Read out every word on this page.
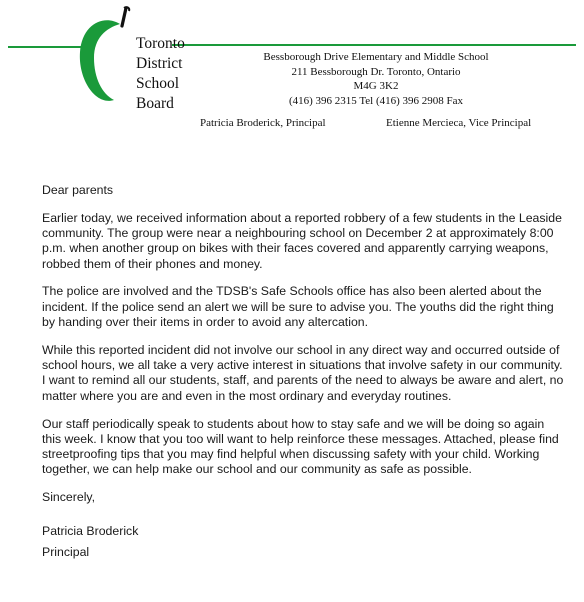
Toronto
District
School
Board
Bessborough Drive Elementary and Middle School
211 Bessborough Dr. Toronto, Ontario
M4G 3K2
(416) 396 2315 Tel (416) 396 2908 Fax
Patricia Broderick, Principal	Etienne Mercieca, Vice Principal

Dear parents

Earlier today, we received information about a reported robbery of a few students in the Leaside community. The group were near a neighbouring school on December 2 at approximately 8:00 p.m. when another group on bikes with their faces covered and apparently carrying weapons, robbed them of their phones and money.

The police are involved and the TDSB's Safe Schools office has also been alerted about the incident. If the police send an alert we will be sure to advise you. The youths did the right thing by handing over their items in order to avoid any altercation.

While this reported incident did not involve our school in any direct way and occurred outside of school hours, we all take a very active interest in situations that involve safety in our community. I want to remind all our students, staff, and parents of the need to always be aware and alert, no matter where you are and even in the most ordinary and everyday routines.

Our staff periodically speak to students about how to stay safe and we will be doing so again this week. I know that you too will want to help reinforce these messages. Attached, please find streetproofing tips that you may find helpful when discussing safety with your child. Working together, we can help make our school and our community as safe as possible.

Sincerely,

Patricia Broderick

Principal
